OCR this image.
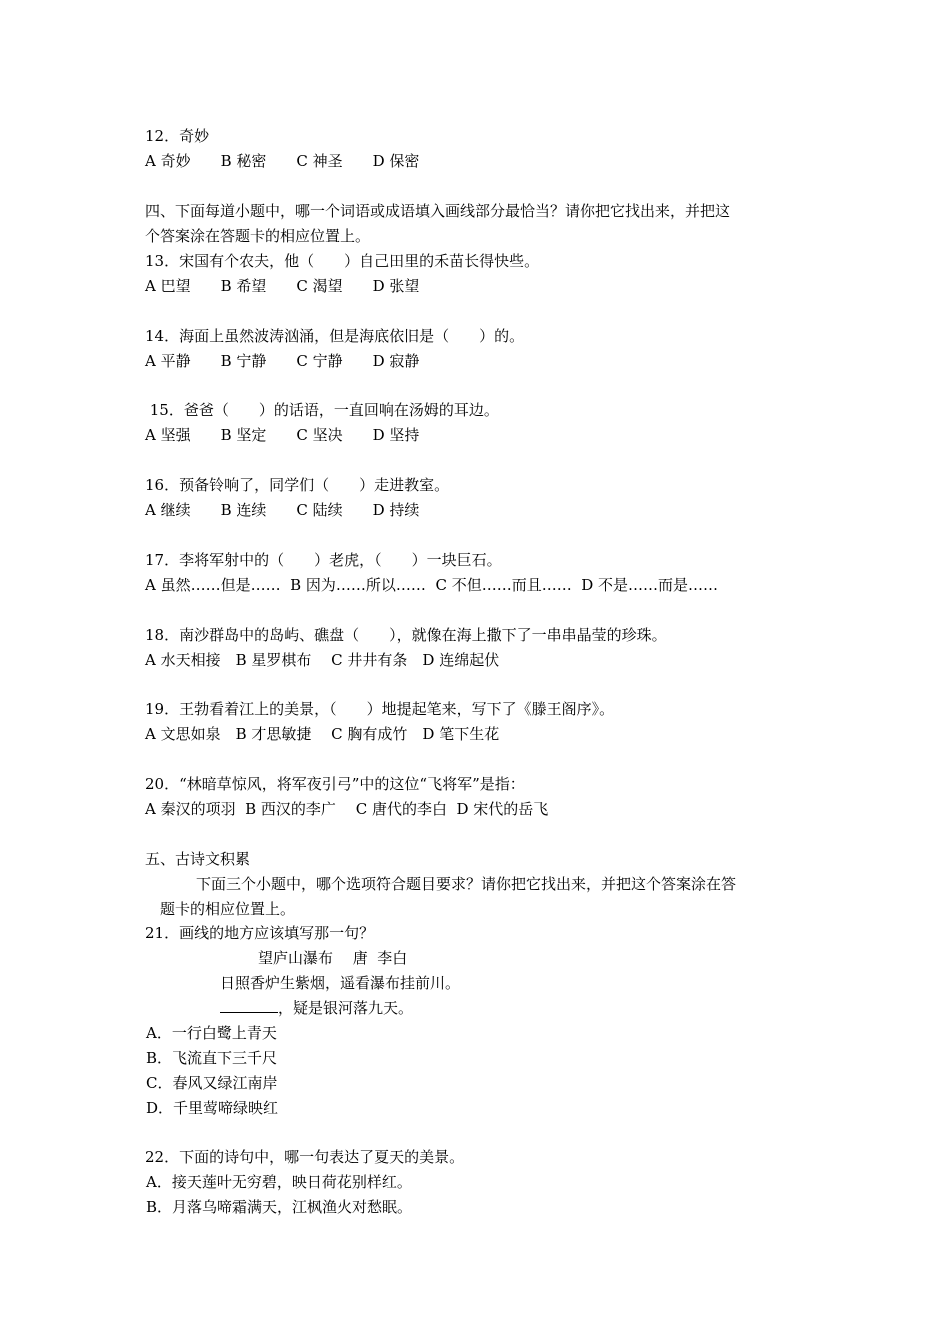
12．奇妙
A 奇妙　　B 秘密　　C 神圣　　D 保密
四、下面每道小题中，哪一个词语或成语填入画线部分最恰当？请你把它找出来，并把这
个答案涂在答题卡的相应位置上。
13．宋国有个农夫，他（　　）自己田里的禾苗长得快些。
A 巴望　　B 希望　　C 渴望　　D 张望
14．海面上虽然波涛汹涌，但是海底依旧是（　　）的。
A 平静　　B 宁静　　C 宁静　　D 寂静
15．爸爸（　　）的话语，一直回响在汤姆的耳边。
A 坚强　　B 坚定　　C 坚决　　D 坚持
16．预备铃响了，同学们（　　）走进教室。
A 继续　　B 连续　　C 陆续　　D 持续
17．李将军射中的（　　）老虎，（　　）一块巨石。
A 虽然……但是……  B 因为……所以……  C 不但……而且……  D 不是……而是……
18．南沙群岛中的岛屿、礁盘（　　），就像在海上撒下了一串串晶莹的珍珠。
A 水天相接　B 星罗棋布　 C 井井有条　D 连绵起伏
19．王勃看着江上的美景，（　　）地提起笔来，写下了《滕王阁序》。
A 文思如泉　B 才思敏捷　 C 胸有成竹　D 笔下生花
20．“林暗草惊风，将军夜引弓”中的这位“飞将军”是指：
A 秦汉的项羽  B 西汉的李广　 C 唐代的李白  D 宋代的岳飞
五、古诗文积累
下面三个小题中，哪个选项符合题目要求？请你把它找出来，并把这个答案涂在答
题卡的相应位置上。
21．画线的地方应该填写那一句？
望庐山瀑布　 唐  李白
日照香炉生紫烟，遥看瀑布挂前川。
，疑是银河落九天。
A．一行白鹭上青天
B．飞流直下三千尺
C．春风又绿江南岸
D．千里莺啼绿映红
22．下面的诗句中，哪一句表达了夏天的美景。
A．接天莲叶无穷碧，映日荷花别样红。
B．月落乌啼霜满天，江枫渔火对愁眠。
